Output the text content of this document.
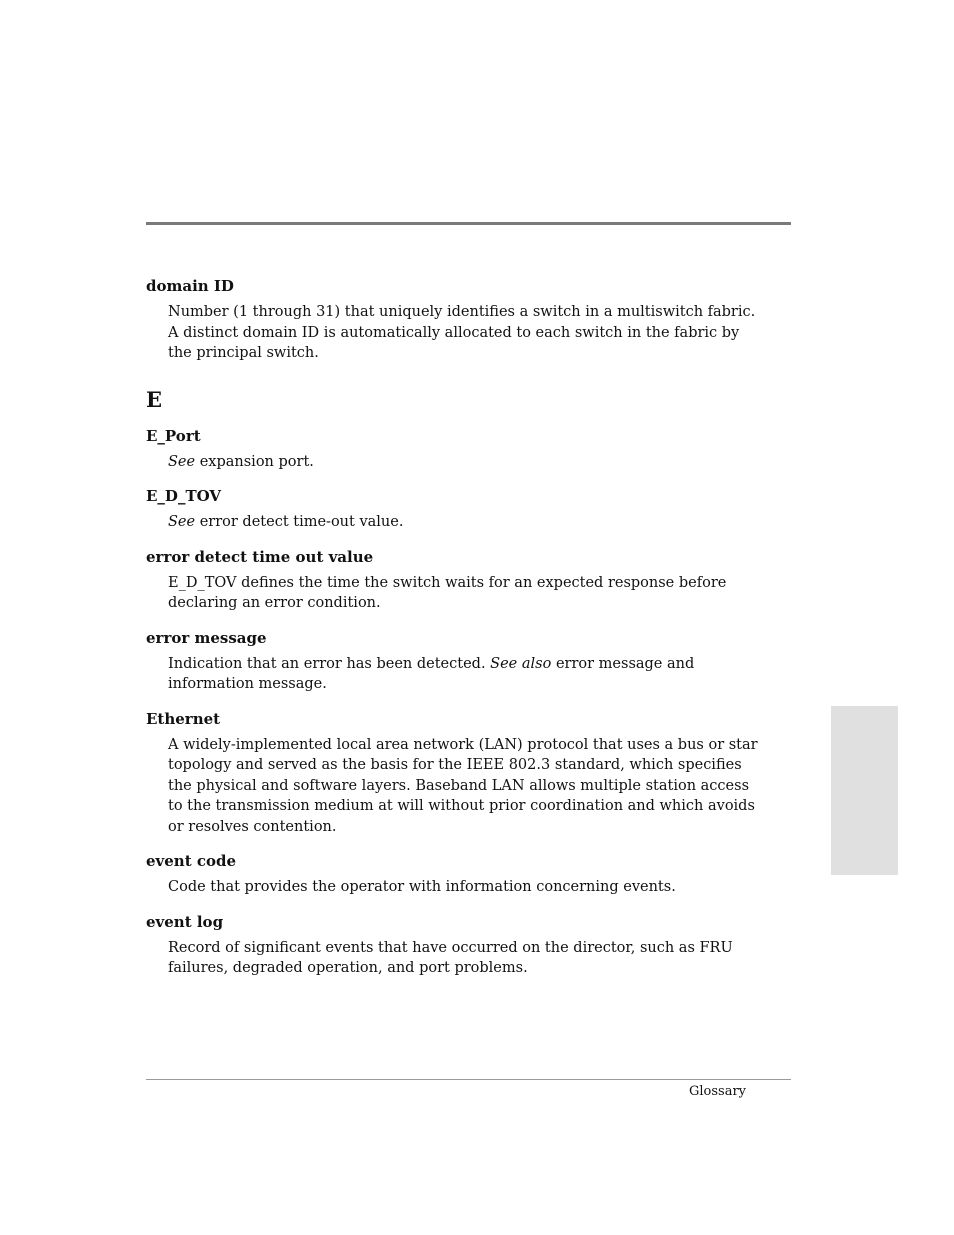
domain ID

Number (1 through 31) that uniquely identifies a switch in a multiswitch fabric. A distinct domain ID is automatically allocated to each switch in the fabric by the principal switch.

E

E_Port

See expansion port.

E_D_TOV

See error detect time-out value.

error detect time out value

E_D_TOV defines the time the switch waits for an expected response before declaring an error condition.

error message

Indication that an error has been detected. See also error message and information message.

Ethernet

A widely-implemented local area network (LAN) protocol that uses a bus or star topology and served as the basis for the IEEE 802.3 standard, which specifies the physical and software layers. Baseband LAN allows multiple station access to the transmission medium at will without prior coordination and which avoids or resolves contention.

event code

Code that provides the operator with information concerning events.

event log

Record of significant events that have occurred on the director, such as FRU failures, degraded operation, and port problems.

Glossary
